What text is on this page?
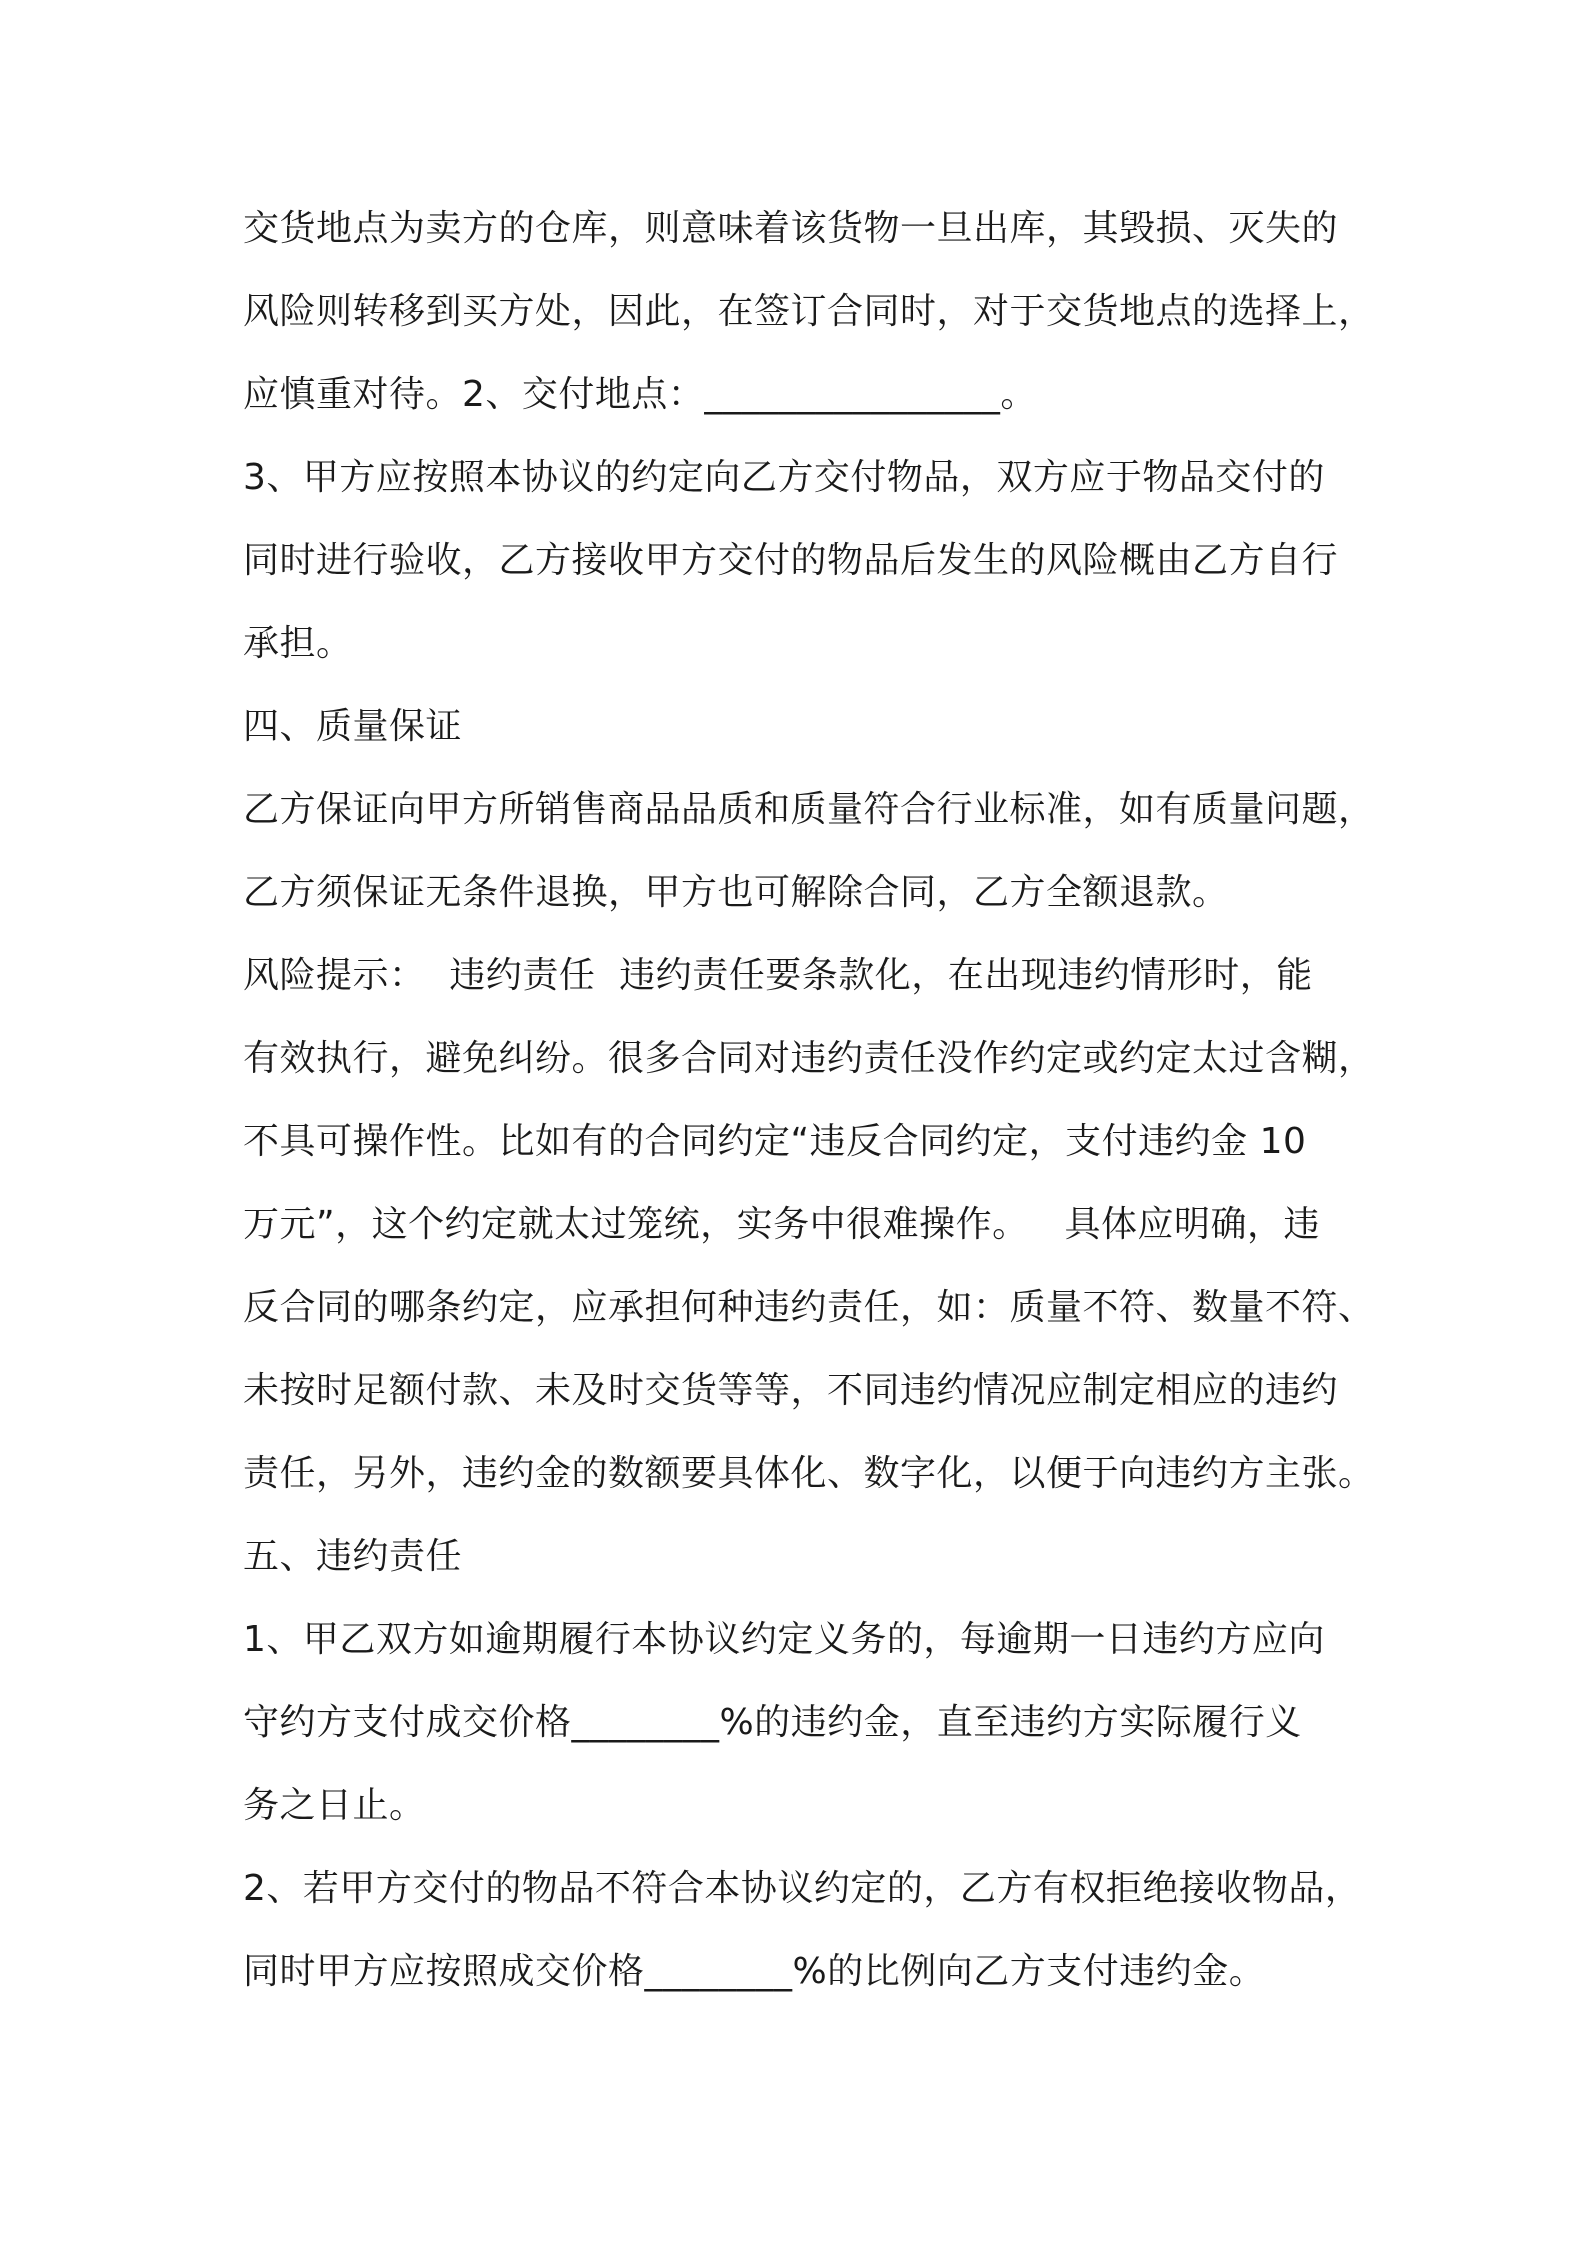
交货地点为卖方的仓库，则意味着该货物一旦出库，其毁损、灭失的
风险则转移到买方处，因此，在签订合同时，对于交货地点的选择上，
应慎重对待。2、交付地点：________________。
3、甲方应按照本协议的约定向乙方交付物品，双方应于物品交付的
同时进行验收，乙方接收甲方交付的物品后发生的风险概由乙方自行
承担。
四、质量保证
乙方保证向甲方所销售商品品质和质量符合行业标准，如有质量问题，
乙方须保证无条件退换，甲方也可解除合同，乙方全额退款。
风险提示：  违约责任  违约责任要条款化，在出现违约情形时，能
有效执行，避免纠纷。很多合同对违约责任没作约定或约定太过含糊，
不具可操作性。比如有的合同约定“违反合同约定，支付违约金 10
万元”，这个约定就太过笼统，实务中很难操作。   具体应明确，违
反合同的哪条约定，应承担何种违约责任，如：质量不符、数量不符、
未按时足额付款、未及时交货等等，不同违约情况应制定相应的违约
责任，另外，违约金的数额要具体化、数字化，以便于向违约方主张。
五、违约责任
1、甲乙双方如逾期履行本协议约定义务的，每逾期一日违约方应向
守约方支付成交价格________%的违约金，直至违约方实际履行义
务之日止。
2、若甲方交付的物品不符合本协议约定的，乙方有权拒绝接收物品，
同时甲方应按照成交价格________%的比例向乙方支付违约金。
